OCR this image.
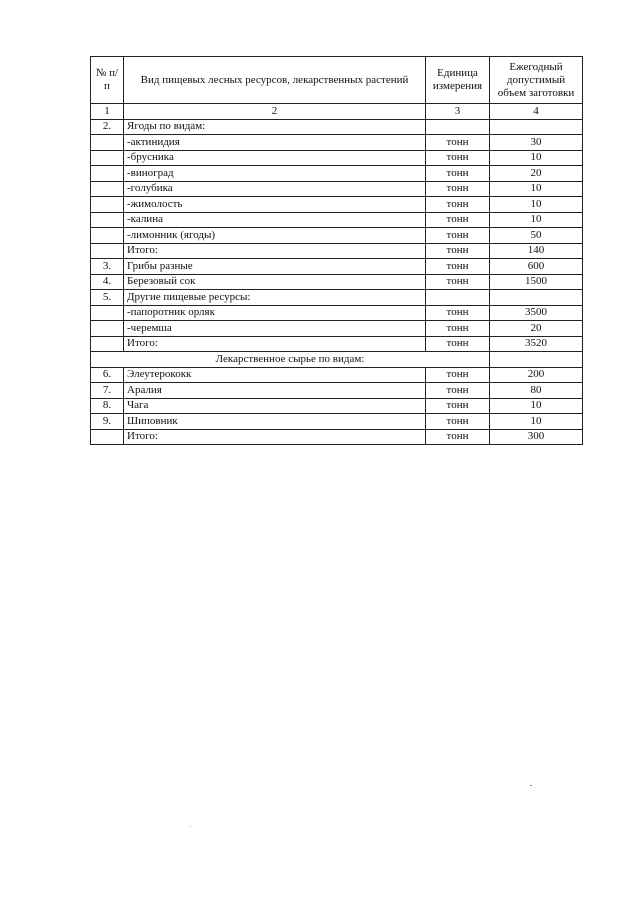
№ п/п	Вид пищевых лесных ресурсов, лекарственных растений	Единица измерения	Ежегодный допустимый объем заготовки
1	2	3	4
2.	Ягоды по видам:		
	-актинидия	тонн	30
	-брусника	тонн	10
	-виноград	тонн	20
	-голубика	тонн	10
	-жимолость	тонн	10
	-калина	тонн	10
	-лимонник (ягоды)	тонн	50
	Итого:	тонн	140
3.	Грибы разные	тонн	600
4.	Березовый сок	тонн	1500
5.	Другие пищевые ресурсы:		
	-папоротник орляк	тонн	3500
	-черемша	тонн	20
	Итого:	тонн	3520
Лекарственное сырье по видам:			
6.	Элеутерококк	тонн	200
7.	Аралия	тонн	80
8.	Чага	тонн	10
9.	Шиповник	тонн	10
	Итого:	тонн	300
